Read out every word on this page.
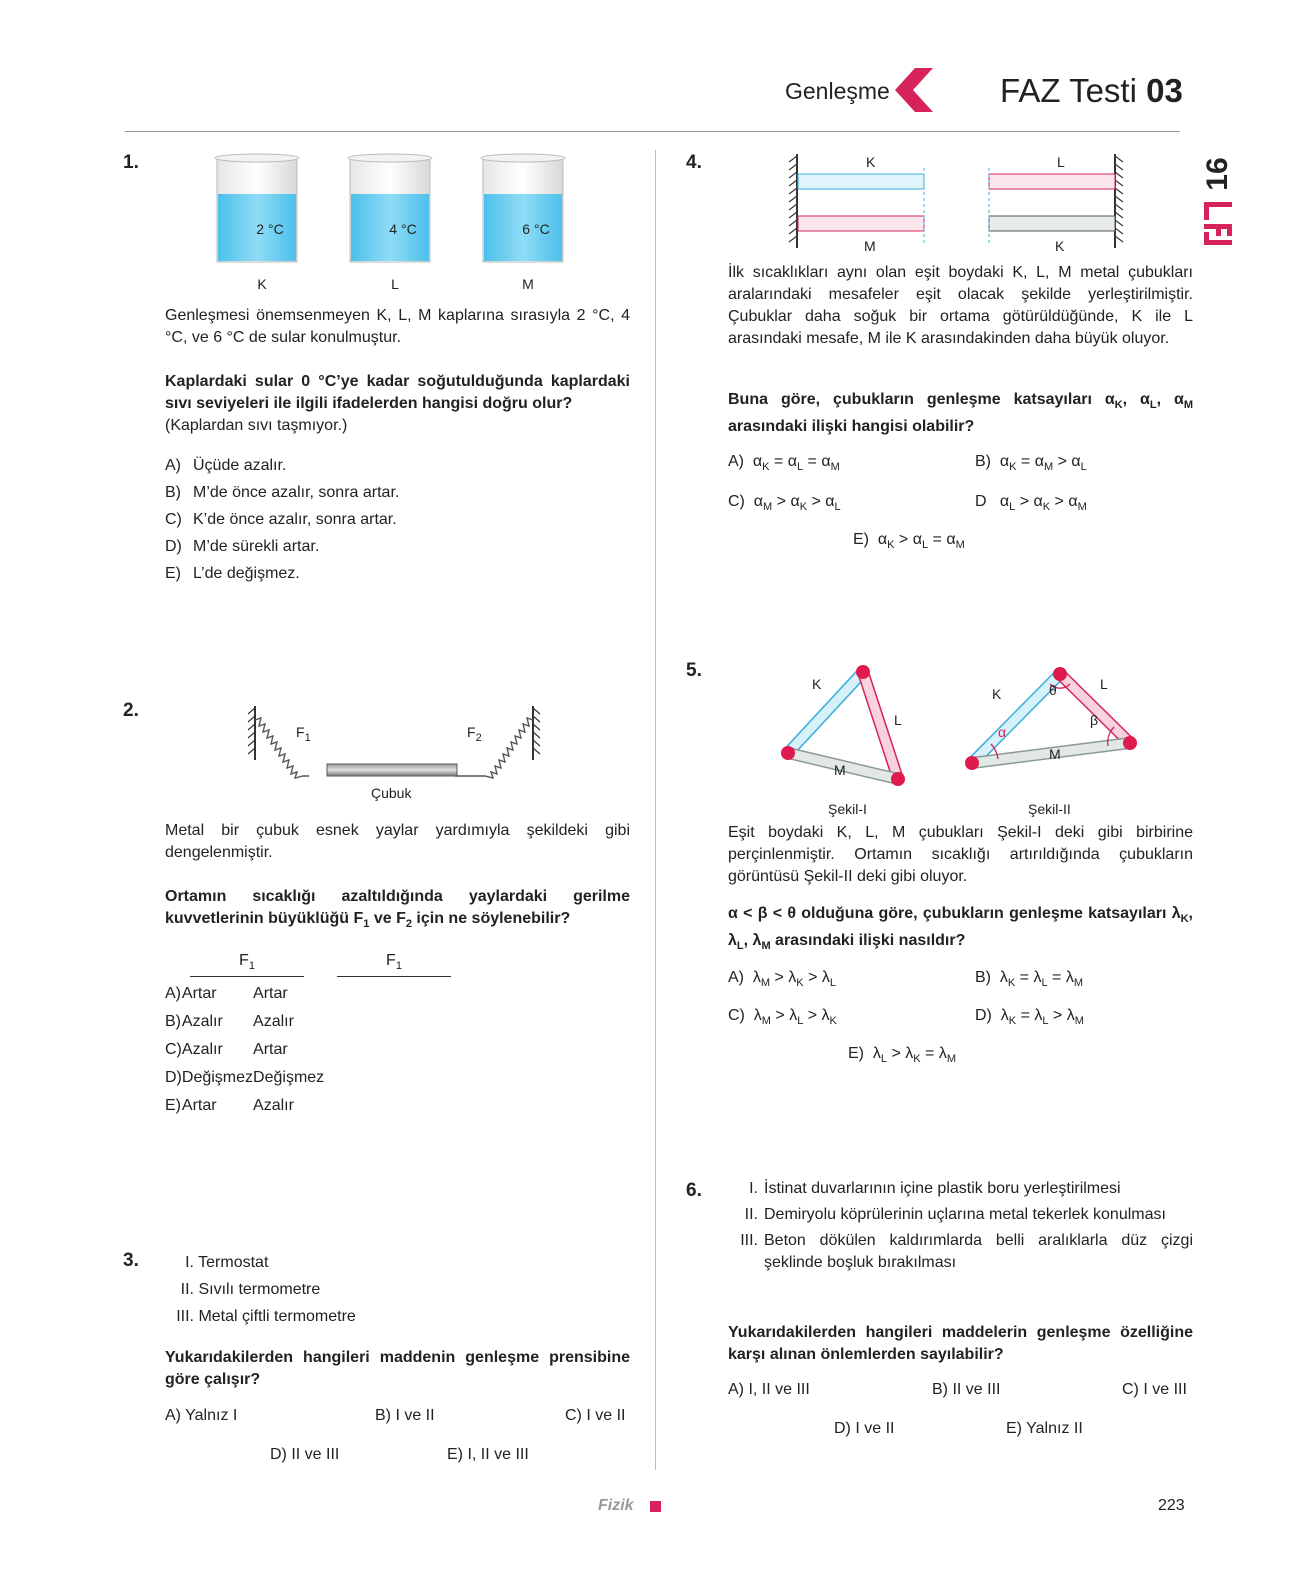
Genleşme	FAZ Testi 03
16
1.
2 °C	4 °C	6 °C
K	L	M
Genleşmesi önemsenmeyen K, L, M kaplarına sırasıyla 2 °C, 4 °C, ve 6 °C de sular konulmuştur.
Kaplardaki sular 0 °C’ye kadar soğutulduğunda kaplardaki sıvı seviyeleri ile ilgili ifadelerden hangisi doğru olur?
(Kaplardan sıvı taşmıyor.)
A) Üçüde azalır.
B) M’de önce azalır, sonra artar.
C) K’de önce azalır, sonra artar.
D) M’de sürekli artar.
E) L’de değişmez.
2.
$F_1$	$F_2$
Çubuk
Metal bir çubuk esnek yaylar yardımıyla şekildeki gibi dengelenmiştir.
Ortamın sıcaklığı azaltıldığında yaylardaki gerilme kuvvetlerinin büyüklüğü $F_1$ ve $F_2$ için ne söylenebilir?
$F_1$	$F_1$
A)	Artar	Artar
B)	Azalır	Azalır
C)	Azalır	Artar
D)	Değişmez	Değişmez
E)	Artar	Azalır
3.	I. Termostat
II. Sıvılı termometre
III. Metal çiftli termometre
Yukarıdakilerden hangileri maddenin genleşme prensibine göre çalışır?
A) Yalnız I	B) I ve II	C) I ve II
D) II ve III	E) I, II ve III
4.	K	L
M	K
İlk sıcaklıkları aynı olan eşit boydaki K, L, M metal çubukları aralarındaki mesafeler eşit olacak şekilde yerleştirilmiştir. Çubuklar daha soğuk bir ortama götürüldüğünde, K ile L arasındaki mesafe, M ile K arasındakinden daha büyük oluyor.
Buna göre, çubukların genleşme katsayıları $\alpha_K$, $\alpha_L$, $\alpha_M$ arasındaki ilişki hangisi olabilir?
A)  $\alpha_K = \alpha_L = \alpha_M$	B)  $\alpha_K = \alpha_M > \alpha_L$
C)  $\alpha_M > \alpha_K > \alpha_L$	D   $\alpha_L > \alpha_K > \alpha_M$
E)  $\alpha_K > \alpha_L = \alpha_M$
5.
K
L
M
K
L
M
α
θ
β
Şekil-I	Şekil-II
Eşit boydaki K, L, M çubukları Şekil-I deki gibi birbirine perçinlenmiştir. Ortamın sıcaklığı artırıldığında çubukların görüntüsü Şekil-II deki gibi oluyor.
α < β < θ olduğuna göre, çubukların genleşme katsayıları $\lambda_K$, $\lambda_L$, $\lambda_M$ arasındaki ilişki nasıldır?
A)  $\lambda_M > \lambda_K > \lambda_L$	B)  $\lambda_K = \lambda_L = \lambda_M$
C)  $\lambda_M > \lambda_L > \lambda_K$	D)  $\lambda_K = \lambda_L > \lambda_M$
E)  $\lambda_L > \lambda_K = \lambda_M$
6.	I. İstinat duvarlarının içine plastik boru yerleştirilmesi
II. Demiryolu köprülerinin uçlarına metal tekerlek konulması
III. Beton dökülen kaldırımlarda belli aralıklarla düz çizgi şeklinde boşluk bırakılması
Yukarıdakilerden hangileri maddelerin genleşme özelliğine karşı alınan önlemlerden sayılabilir?
A) I, II ve III	B) II ve III	C) I ve III
D) I ve II	E) Yalnız II
Fizik	223
